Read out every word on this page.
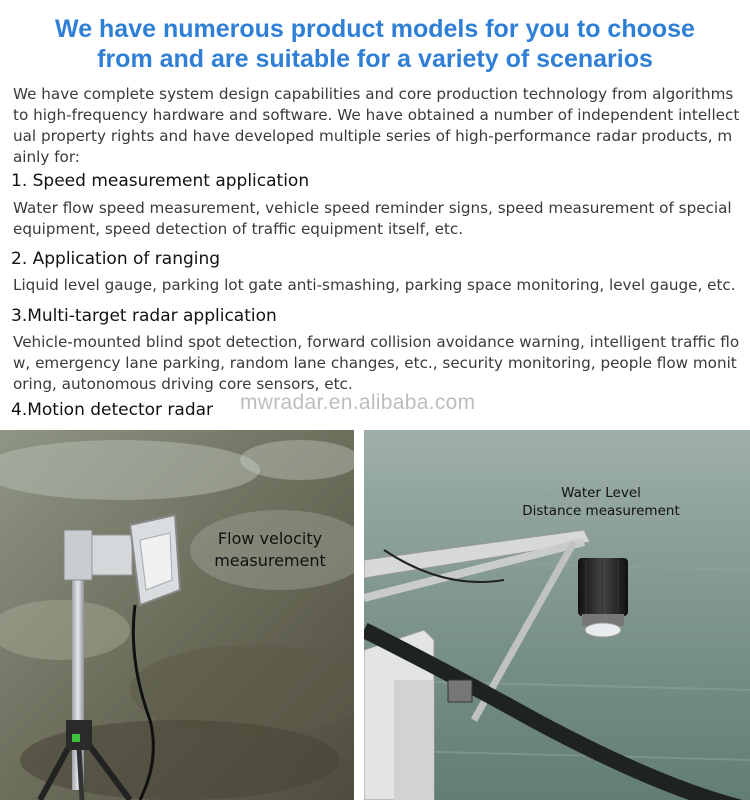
We have numerous product models for you to choose
from and are suitable for a variety of scenarios

We have complete system design capabilities and core production technology from algorithms to high-frequency hardware and software. We have obtained a number of independent intellectual property rights and have developed multiple series of high-performance radar products, mainly for:

1. Speed measurement application

Water flow speed measurement, vehicle speed reminder signs, speed measurement of special equipment, speed detection of traffic equipment itself, etc.

2. Application of ranging

Liquid level gauge, parking lot gate anti-smashing, parking space monitoring, level gauge, etc.

3.Multi-target radar application

Vehicle-mounted blind spot detection, forward collision avoidance warning, intelligent traffic flow, emergency lane parking, random lane changes, etc., security monitoring, people flow monitoring, autonomous driving core sensors, etc.

4.Motion detector radar mwradar.en.alibaba.com
Flow velocity
measurement
Water Level
Distance measurement
